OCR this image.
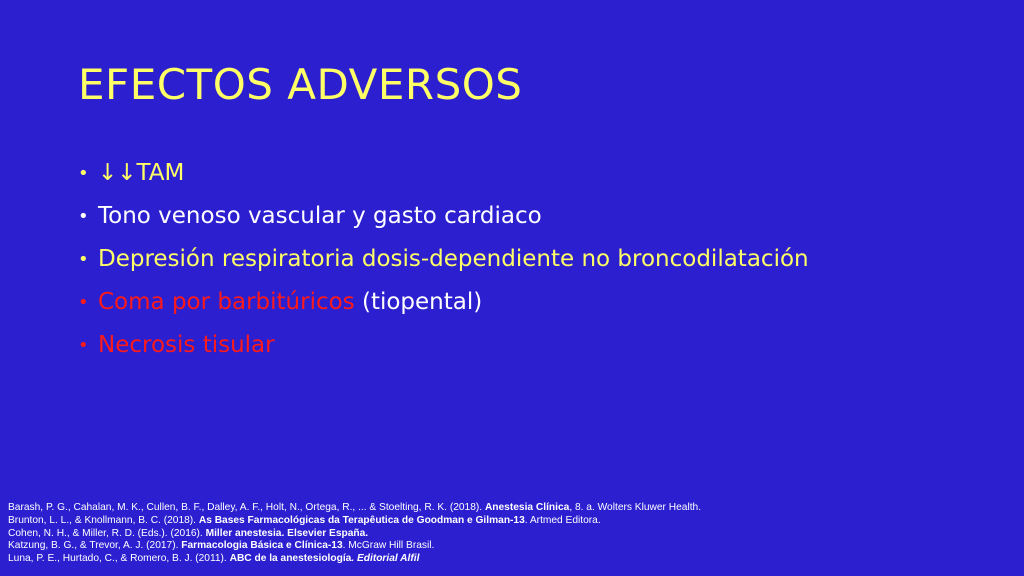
EFECTOS ADVERSOS
• ↓↓TAM
• Tono venoso vascular y gasto cardiaco
• Depresión respiratoria dosis-dependiente no broncodilatación
• Coma por barbitúricos (tiopental)
• Necrosis tisular
Barash, P. G., Cahalan, M. K., Cullen, B. F., Dalley, A. F., Holt, N., Ortega, R., ... & Stoelting, R. K. (2018). Anestesia Clínica, 8. a. Wolters Kluwer Health.
Brunton, L. L., & Knollmann, B. C. (2018). As Bases Farmacológicas da Terapêutica de Goodman e Gilman-13. Artmed Editora.
Cohen, N. H., & Miller, R. D. (Eds.). (2016). Miller anestesia. Elsevier España.
Katzung, B. G., & Trevor, A. J. (2017). Farmacologia Básica e Clínica-13. McGraw Hill Brasil.
Luna, P. E., Hurtado, C., & Romero, B. J. (2011). ABC de la anestesiología. Editorial Alfil
